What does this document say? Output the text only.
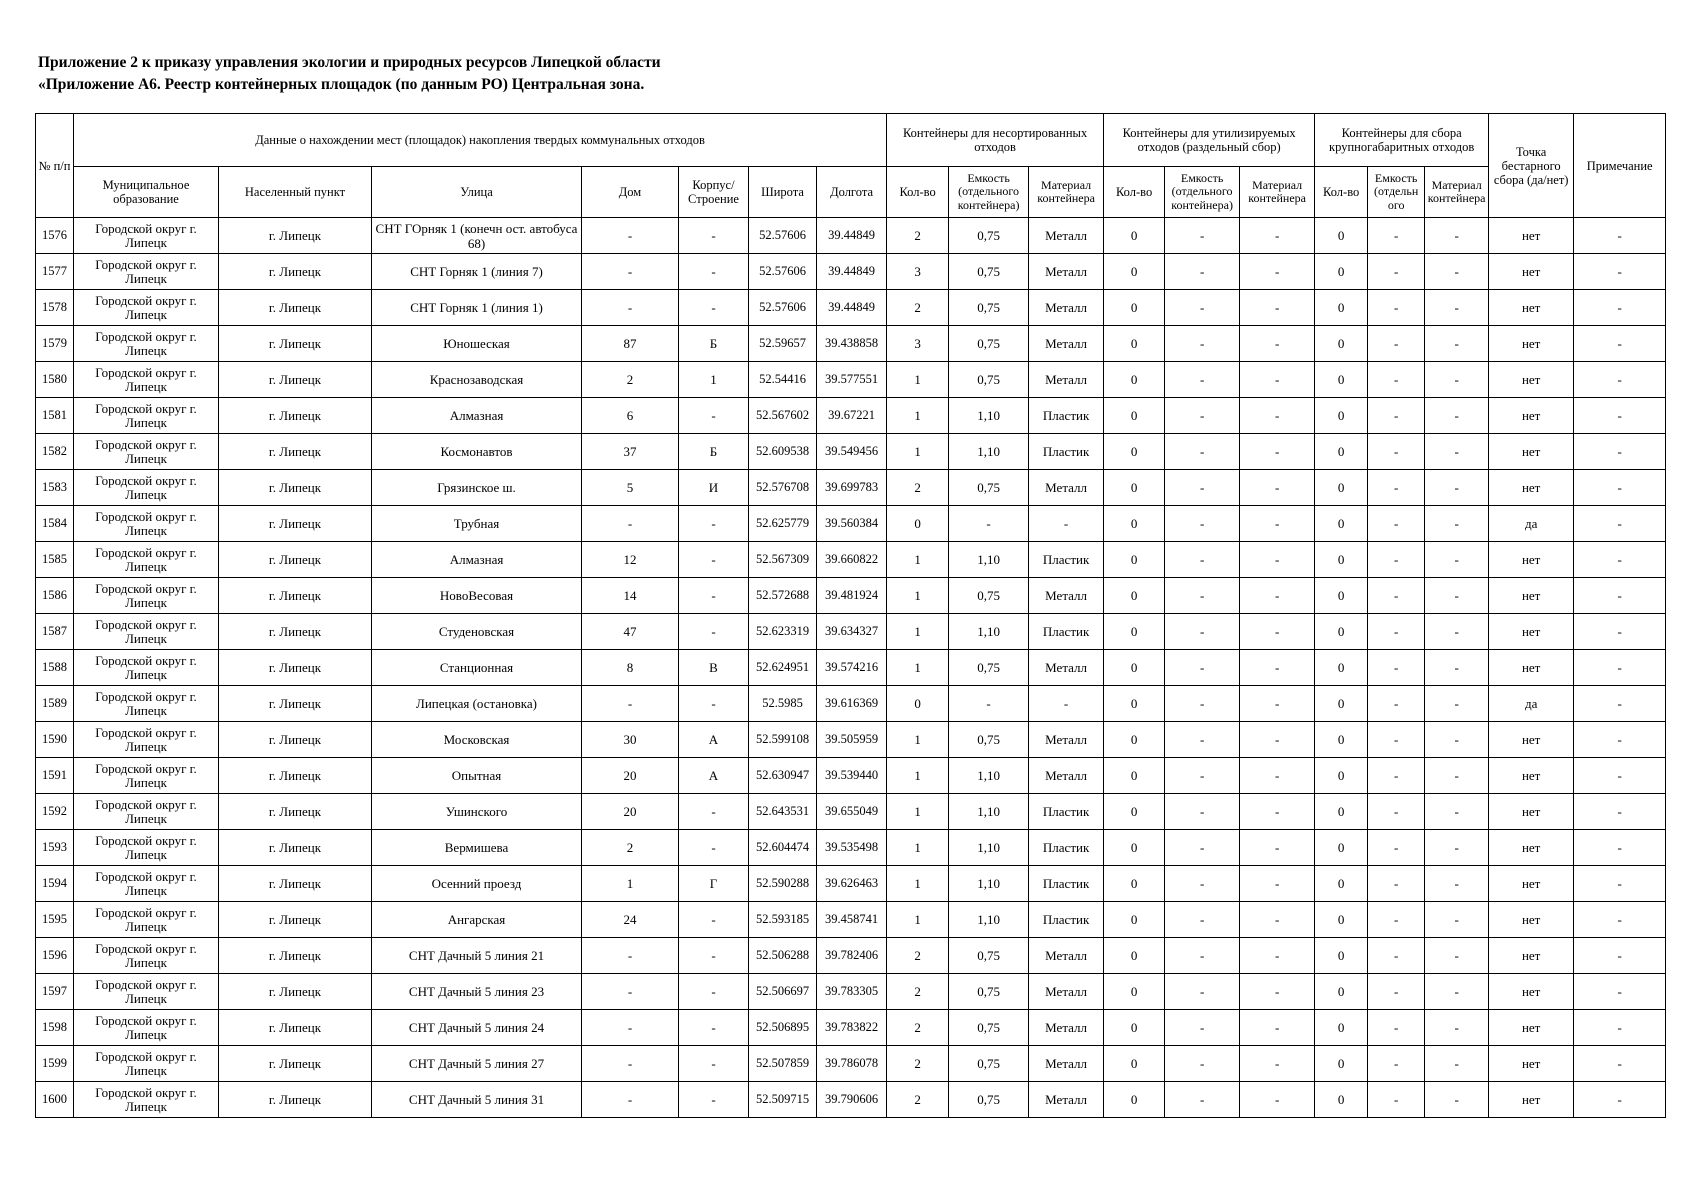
Приложение 2 к приказу управления экологии и природных ресурсов Липецкой области
«Приложение А6. Реестр контейнерных площадок (по данным РО) Центральная зона.
№ п/п	Данные о нахождении мест (площадок) накопления твердых коммунальных отходов							Контейнеры для несортированных отходов			Контейнеры для утилизируемых отходов (раздельный сбор)			Контейнеры для сбора крупногабаритных отходов			Точка бестарного сбора (да/нет)	Примечание
	Муниципальное образование	Населенный пункт	Улица	Дом	Корпус/ Строение	Широта	Долгота	Кол-во	Емкость (отдельного контейнера)	Материал контейнера	Кол-во	Емкость (отдельного контейнера)	Материал контейнера	Кол-во	Емкость (отдельн ого	Материал контейнера		
1576	Городской округ г. Липецк	г. Липецк	СНТ ГОрняк 1 (конечн ост. автобуса 68)	-	-	52.57606	39.44849	2	0,75	Металл	0	-	-	0	-	-	нет	-
1577	Городской округ г. Липецк	г. Липецк	СНТ Горняк 1 (линия 7)	-	-	52.57606	39.44849	3	0,75	Металл	0	-	-	0	-	-	нет	-
1578	Городской округ г. Липецк	г. Липецк	СНТ Горняк 1 (линия 1)	-	-	52.57606	39.44849	2	0,75	Металл	0	-	-	0	-	-	нет	-
1579	Городской округ г. Липецк	г. Липецк	Юношеская	87	Б	52.59657	39.438858	3	0,75	Металл	0	-	-	0	-	-	нет	-
1580	Городской округ г. Липецк	г. Липецк	Краснозаводская	2	1	52.54416	39.577551	1	0,75	Металл	0	-	-	0	-	-	нет	-
1581	Городской округ г. Липецк	г. Липецк	Алмазная	6	-	52.567602	39.67221	1	1,10	Пластик	0	-	-	0	-	-	нет	-
1582	Городской округ г. Липецк	г. Липецк	Космонавтов	37	Б	52.609538	39.549456	1	1,10	Пластик	0	-	-	0	-	-	нет	-
1583	Городской округ г. Липецк	г. Липецк	Грязинское ш.	5	И	52.576708	39.699783	2	0,75	Металл	0	-	-	0	-	-	нет	-
1584	Городской округ г. Липецк	г. Липецк	Трубная	-	-	52.625779	39.560384	0	-	-	0	-	-	0	-	-	да	-
1585	Городской округ г. Липецк	г. Липецк	Алмазная	12	-	52.567309	39.660822	1	1,10	Пластик	0	-	-	0	-	-	нет	-
1586	Городской округ г. Липецк	г. Липецк	НовоВесовая	14	-	52.572688	39.481924	1	0,75	Металл	0	-	-	0	-	-	нет	-
1587	Городской округ г. Липецк	г. Липецк	Студеновская	47	-	52.623319	39.634327	1	1,10	Пластик	0	-	-	0	-	-	нет	-
1588	Городской округ г. Липецк	г. Липецк	Станционная	8	В	52.624951	39.574216	1	0,75	Металл	0	-	-	0	-	-	нет	-
1589	Городской округ г. Липецк	г. Липецк	Липецкая (остановка)	-	-	52.5985	39.616369	0	-	-	0	-	-	0	-	-	да	-
1590	Городской округ г. Липецк	г. Липецк	Московская	30	А	52.599108	39.505959	1	0,75	Металл	0	-	-	0	-	-	нет	-
1591	Городской округ г. Липецк	г. Липецк	Опытная	20	А	52.630947	39.539440	1	1,10	Металл	0	-	-	0	-	-	нет	-
1592	Городской округ г. Липецк	г. Липецк	Ушинского	20	-	52.643531	39.655049	1	1,10	Пластик	0	-	-	0	-	-	нет	-
1593	Городской округ г. Липецк	г. Липецк	Вермишева	2	-	52.604474	39.535498	1	1,10	Пластик	0	-	-	0	-	-	нет	-
1594	Городской округ г. Липецк	г. Липецк	Осенний проезд	1	Г	52.590288	39.626463	1	1,10	Пластик	0	-	-	0	-	-	нет	-
1595	Городской округ г. Липецк	г. Липецк	Ангарская	24	-	52.593185	39.458741	1	1,10	Пластик	0	-	-	0	-	-	нет	-
1596	Городской округ г. Липецк	г. Липецк	СНТ Дачный 5 линия 21	-	-	52.506288	39.782406	2	0,75	Металл	0	-	-	0	-	-	нет	-
1597	Городской округ г. Липецк	г. Липецк	СНТ Дачный 5 линия 23	-	-	52.506697	39.783305	2	0,75	Металл	0	-	-	0	-	-	нет	-
1598	Городской округ г. Липецк	г. Липецк	СНТ Дачный 5 линия 24	-	-	52.506895	39.783822	2	0,75	Металл	0	-	-	0	-	-	нет	-
1599	Городской округ г. Липецк	г. Липецк	СНТ Дачный 5 линия 27	-	-	52.507859	39.786078	2	0,75	Металл	0	-	-	0	-	-	нет	-
1600	Городской округ г. Липецк	г. Липецк	СНТ Дачный 5 линия 31	-	-	52.509715	39.790606	2	0,75	Металл	0	-	-	0	-	-	нет	-
